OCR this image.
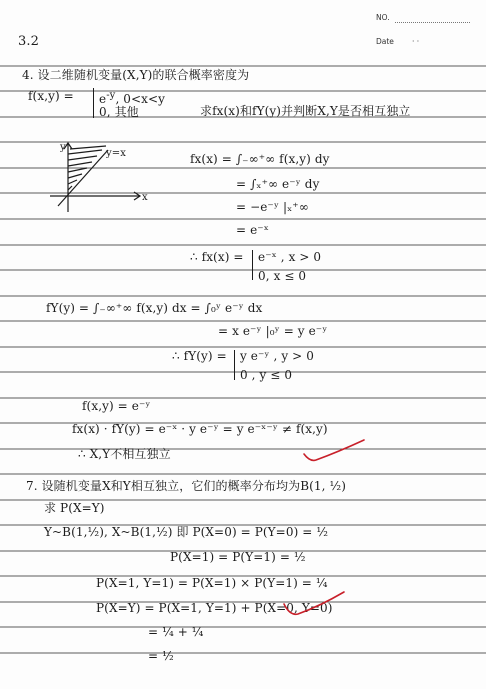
NO.
Date · ·
3.2
4. 设二维随机变量(X,Y)的联合概率密度为
$f(x,y) = e^{-y}$, 0<x<y
0, 其他	求fx(x)和fY(y)并判断X,Y是否相互独立
y=x
x
y
fx(x) = ∫₋∞⁺∞ f(x,y) dy
= ∫ₓ⁺∞ e⁻ʸ dy
= −e⁻ʸ |ₓ⁺∞
= e⁻ˣ
∴ fx(x) = e⁻ˣ , x > 0
0, x ≤ 0
fY(y) = ∫₋∞⁺∞ f(x,y) dx = ∫₀ʸ e⁻ʸ dx
= x e⁻ʸ |₀ʸ = y e⁻ʸ
∴ fY(y) = y e⁻ʸ , y > 0
0 , y ≤ 0
f(x,y) = e⁻ʸ
fx(x) · fY(y) = e⁻ˣ · y e⁻ʸ = y e⁻ˣ⁻ʸ ≠ f(x,y)
∴ X,Y不相互独立
7. 设随机变量X和Y相互独立，它们的概率分布均为B(1, ½)
求 P(X=Y)
Y~B(1,½), X~B(1,½) 即 P(X=0) = P(Y=0) = ½
P(X=1) = P(Y=1) = ½
P(X=1, Y=1) = P(X=1) × P(Y=1) = ¼
P(X=Y) = P(X=1, Y=1) + P(X=0, Y=0)
= ¼ + ¼
= ½
